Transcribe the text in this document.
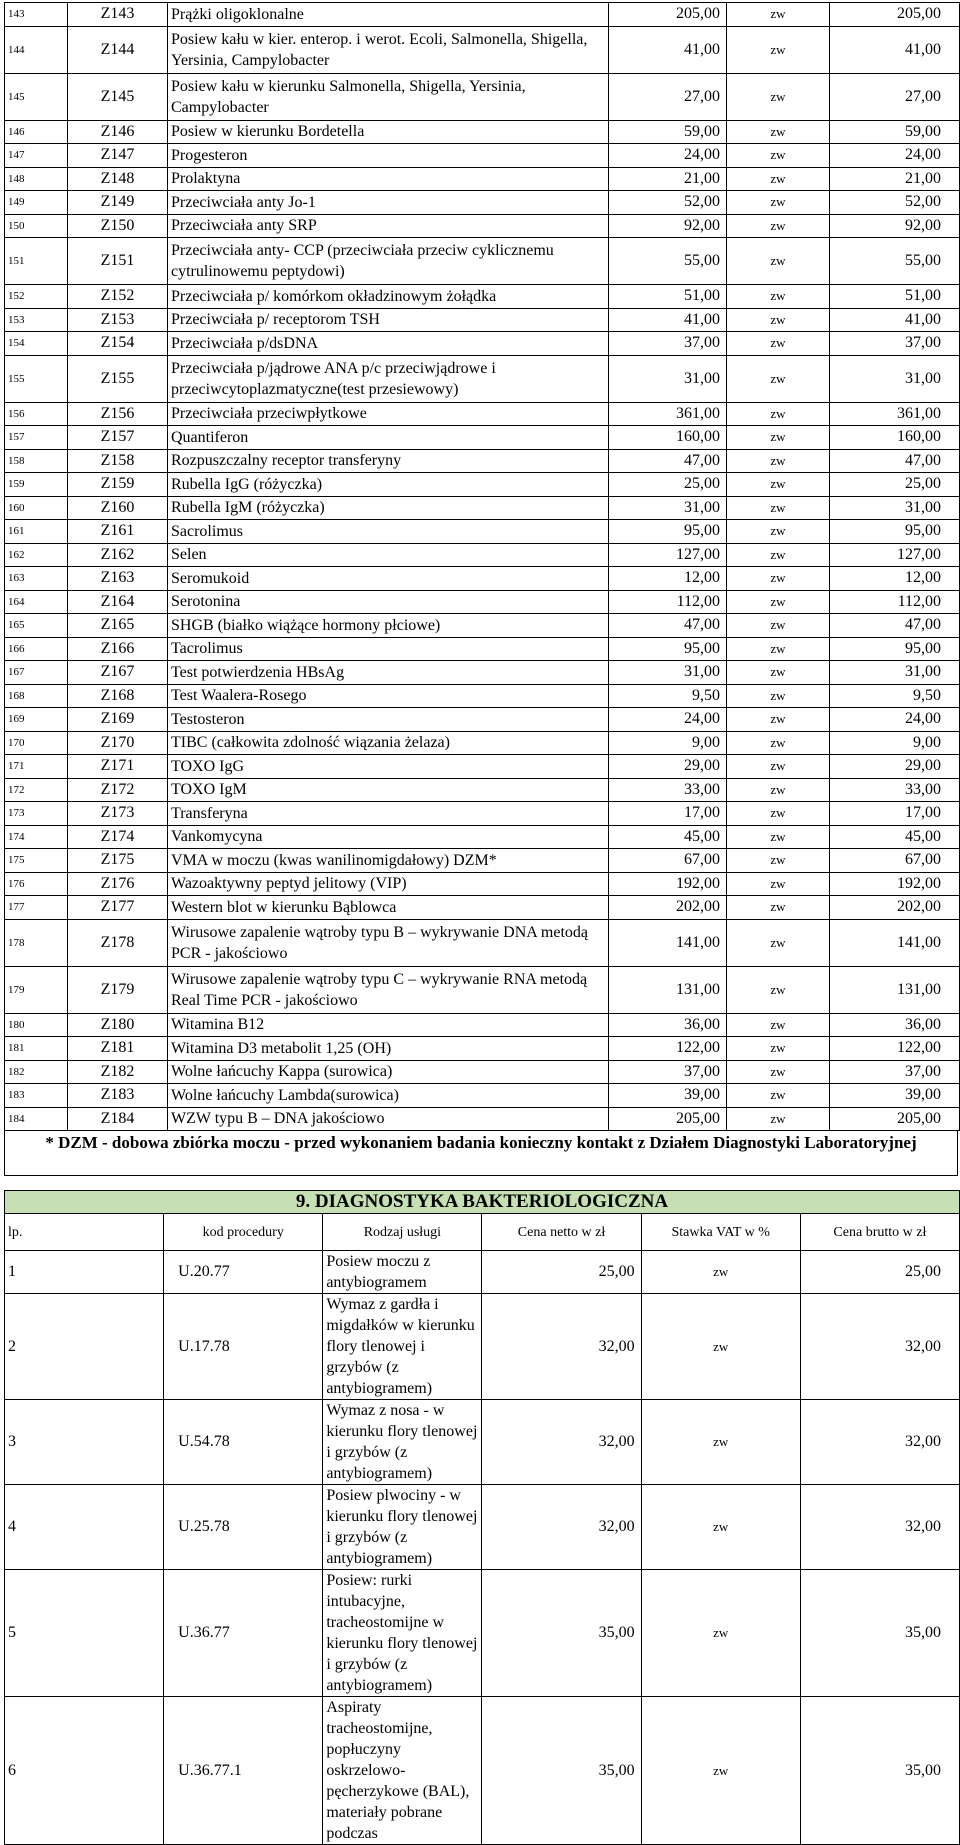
143	Z143	Prążki oligoklonalne	205,00	zw	205,00
144	Z144	Posiew kału w kier. enterop. i werot. Ecoli, Salmonella, Shigella, Yersinia, Campylobacter	41,00	zw	41,00
145	Z145	Posiew kału w kierunku Salmonella, Shigella, Yersinia, Campylobacter	27,00	zw	27,00
146	Z146	Posiew w kierunku Bordetella	59,00	zw	59,00
147	Z147	Progesteron	24,00	zw	24,00
148	Z148	Prolaktyna	21,00	zw	21,00
149	Z149	Przeciwciała anty Jo-1	52,00	zw	52,00
150	Z150	Przeciwciała anty SRP	92,00	zw	92,00
151	Z151	Przeciwciała anty- CCP (przeciwciała przeciw cyklicznemu cytrulinowemu peptydowi)	55,00	zw	55,00
152	Z152	Przeciwciała p/ komórkom okładzinowym żołądka	51,00	zw	51,00
153	Z153	Przeciwciała p/ receptorom TSH	41,00	zw	41,00
154	Z154	Przeciwciała p/dsDNA	37,00	zw	37,00
155	Z155	Przeciwciała p/jądrowe ANA p/c przeciwjądrowe i przeciwcytoplazmatyczne(test przesiewowy)	31,00	zw	31,00
156	Z156	Przeciwciała przeciwpłytkowe	361,00	zw	361,00
157	Z157	Quantiferon	160,00	zw	160,00
158	Z158	Rozpuszczalny receptor transferyny	47,00	zw	47,00
159	Z159	Rubella IgG (różyczka)	25,00	zw	25,00
160	Z160	Rubella IgM (różyczka)	31,00	zw	31,00
161	Z161	Sacrolimus	95,00	zw	95,00
162	Z162	Selen	127,00	zw	127,00
163	Z163	Seromukoid	12,00	zw	12,00
164	Z164	Serotonina	112,00	zw	112,00
165	Z165	SHGB (białko wiążące hormony płciowe)	47,00	zw	47,00
166	Z166	Tacrolimus	95,00	zw	95,00
167	Z167	Test potwierdzenia HBsAg	31,00	zw	31,00
168	Z168	Test Waalera-Rosego	9,50	zw	9,50
169	Z169	Testosteron	24,00	zw	24,00
170	Z170	TIBC (całkowita zdolność wiązania żelaza)	9,00	zw	9,00
171	Z171	TOXO IgG	29,00	zw	29,00
172	Z172	TOXO IgM	33,00	zw	33,00
173	Z173	Transferyna	17,00	zw	17,00
174	Z174	Vankomycyna	45,00	zw	45,00
175	Z175	VMA w moczu (kwas wanilinomigdałowy) DZM*	67,00	zw	67,00
176	Z176	Wazoaktywny peptyd jelitowy (VIP)	192,00	zw	192,00
177	Z177	Western blot w kierunku Bąblowca	202,00	zw	202,00
178	Z178	Wirusowe zapalenie wątroby typu B – wykrywanie DNA metodą PCR - jakościowo	141,00	zw	141,00
179	Z179	Wirusowe zapalenie wątroby typu C – wykrywanie RNA metodą Real Time PCR - jakościowo	131,00	zw	131,00
180	Z180	Witamina B12	36,00	zw	36,00
181	Z181	Witamina D3 metabolit 1,25 (OH)	122,00	zw	122,00
182	Z182	Wolne łańcuchy Kappa (surowica)	37,00	zw	37,00
183	Z183	Wolne łańcuchy Lambda(surowica)	39,00	zw	39,00
184	Z184	WZW typu B – DNA jakościowo	205,00	zw	205,00
* DZM - dobowa zbiórka moczu - przed wykonaniem badania konieczny kontakt z Działem Diagnostyki Laboratoryjnej
9. DIAGNOSTYKA BAKTERIOLOGICZNA					
lp.	kod procedury	Rodzaj usługi	Cena netto w zł	Stawka VAT w %	Cena brutto w zł
1	U.20.77	Posiew moczu z antybiogramem	25,00	zw	25,00
2	U.17.78	Wymaz z gardła i migdałków w kierunku flory tlenowej i grzybów (z antybiogramem)	32,00	zw	32,00
3	U.54.78	Wymaz z nosa - w kierunku flory tlenowej i grzybów (z antybiogramem)	32,00	zw	32,00
4	U.25.78	Posiew plwociny - w kierunku flory tlenowej i grzybów (z antybiogramem)	32,00	zw	32,00
5	U.36.77	Posiew: rurki intubacyjne, tracheostomijne w kierunku flory tlenowej i grzybów (z antybiogramem)	35,00	zw	35,00
6	U.36.77.1	Aspiraty tracheostomijne, popłuczyny oskrzelowo-pęcherzykowe (BAL), materiały pobrane podczas	35,00	zw	35,00
